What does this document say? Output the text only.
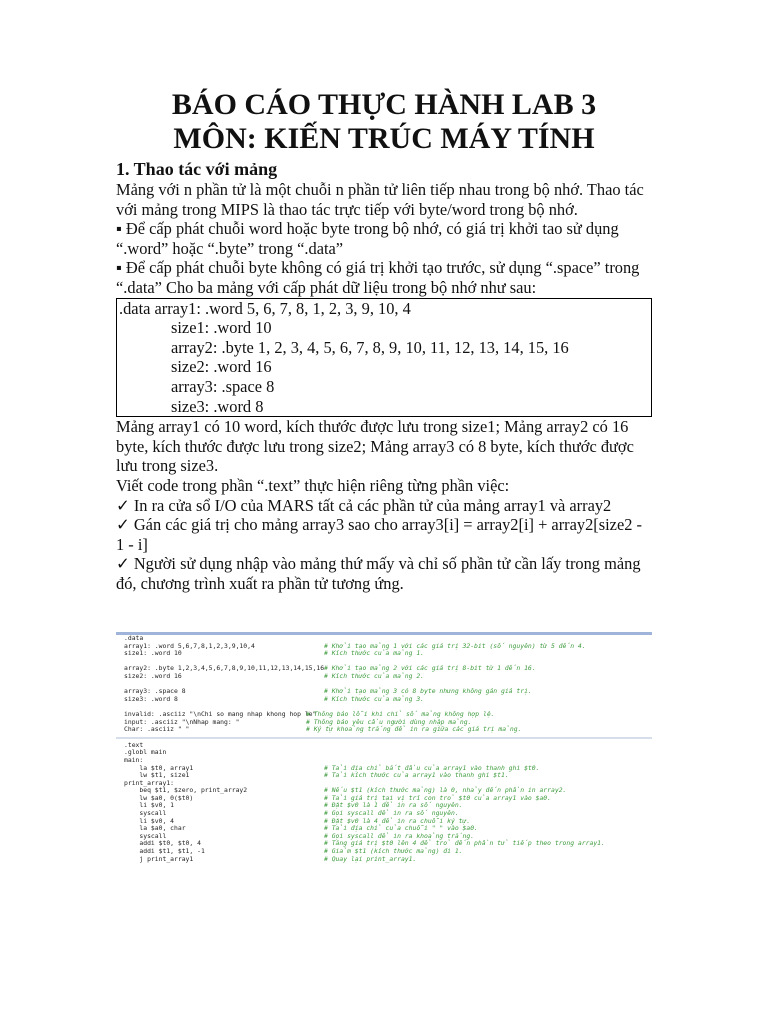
BÁO CÁO THỰC HÀNH LAB 3
MÔN: KIẾN TRÚC MÁY TÍNH
1. Thao tác với mảng
Mảng với n phần tử là một chuỗi n phần tử liên tiếp nhau trong bộ nhớ. Thao tác với mảng trong MIPS là thao tác trực tiếp với byte/word trong bộ nhớ.
▪ Để cấp phát chuỗi word hoặc byte trong bộ nhớ, có giá trị khởi tao sử dụng “.word” hoặc “.byte” trong “.data”
▪ Để cấp phát chuỗi byte không có giá trị khởi tạo trước, sử dụng “.space” trong “.data” Cho ba mảng với cấp phát dữ liệu trong bộ nhớ như sau:
.data array1: .word 5, 6, 7, 8, 1, 2, 3, 9, 10, 4
size1: .word 10
array2: .byte 1, 2, 3, 4, 5, 6, 7, 8, 9, 10, 11, 12, 13, 14, 15, 16
size2: .word 16
array3: .space 8
size3: .word 8
Mảng array1 có 10 word, kích thước được lưu trong size1; Mảng array2 có 16 byte, kích thước được lưu trong size2; Mảng array3 có 8 byte, kích thước được lưu trong size3.
Viết code trong phần “.text” thực hiện riêng từng phần việc:
✓ In ra cửa sổ I/O của MARS tất cả các phần tử của mảng array1 và array2
✓ Gán các giá trị cho mảng array3 sao cho array3[i] = array2[i] + array2[size2 - 1 - i]
✓ Người sử dụng nhập vào mảng thứ mấy và chỉ số phần tử cần lấy trong mảng đó, chương trình xuất ra phần tử tương ứng.
.data
array1: .word 5,6,7,8,1,2,3,9,10,4	# Khởi tạo mảng 1 với các giá trị 32-bit (số nguyên) từ 5 đến 4.
size1: .word 10	# Kích thước của mảng 1.
array2: .byte 1,2,3,4,5,6,7,8,9,10,11,12,13,14,15,16 # Khởi tạo mảng 2 với các giá trị 8-bit từ 1 đến 16.
size2: .word 16	# Kích thước của mảng 2.
array3: .space 8	# Khởi tạo mảng 3 có 8 byte nhưng không gán giá trị.
size3: .word 8	# Kích thước của mảng 3.
invalid: .asciiz "\nChi so mang nhap khong hop le"
# Thông báo lỗi khi chỉ số mảng không hợp lệ.
input: .asciiz "\nNhap mang: "	# Thông báo yêu cầu người dùng nhập mảng.
Char: .asciiz " "	# Ký tự khoảng trắng để in ra giữa các giá trị mảng.
.text
.globl main
main:
la $t0, array1	# Tải địa chỉ bắt đầu của array1 vào thanh ghi $t0.
lw $t1, size1	# Tải kích thước của array1 vào thanh ghi $t1.
print_array1:
beq $t1, $zero, print_array2	# Nếu $t1 (kích thước mảng) là 0, nhảy đến phần in array2.
lw $a0, 0($t0)	# Tải giá trị tại vị trí con trỏ $t0 của array1 vào $a0.
li $v0, 1	# Đặt $v0 là 1 để in ra số nguyên.
syscall	# Gọi syscall để in ra số nguyên.
li $v0, 4	# Đặt $v0 là 4 để in ra chuỗi ký tự.
la $a0, char	# Tải địa chỉ của chuỗi " " vào $a0.
syscall	# Gọi syscall để in ra khoảng trắng.
addi $t0, $t0, 4	# Tăng giá trị $t0 lên 4 để trỏ đến phần tử tiếp theo trong array1.
addi $t1, $t1, -1	# Giảm $t1 (kích thước mảng) đi 1.
j print_array1	# Quay lại print_array1.
